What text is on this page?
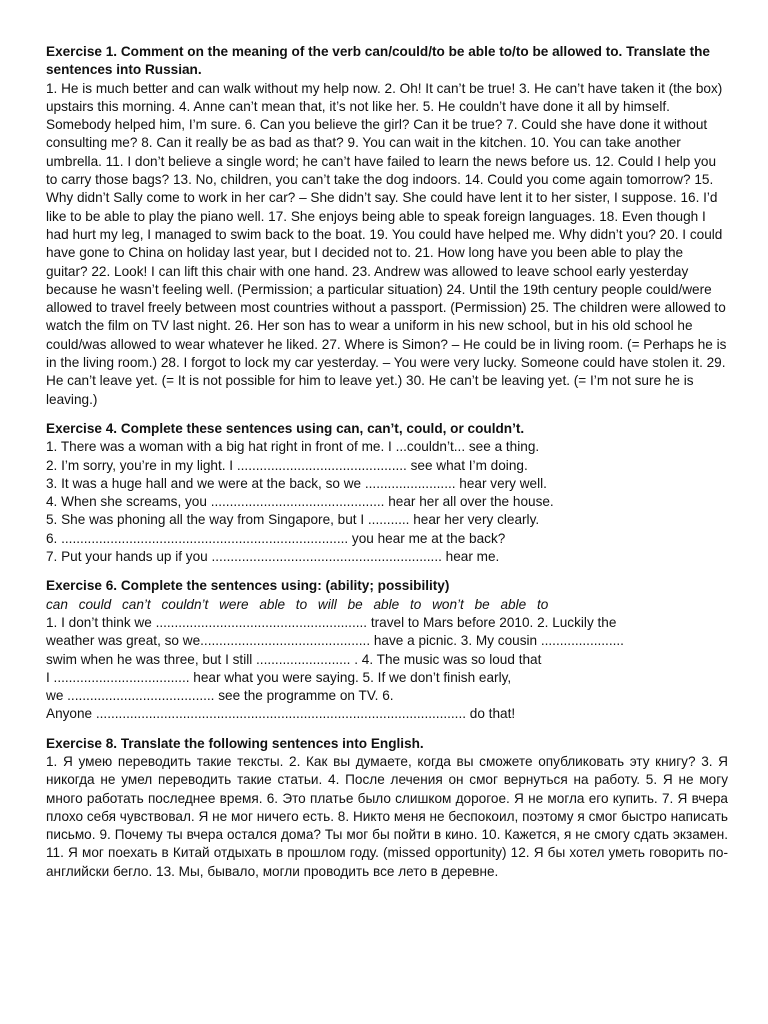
Exercise 1. Comment on the meaning of the verb can/could/to be able to/to be allowed to. Translate the sentences into Russian.
1. He is much better and can walk without my help now. 2. Oh! It can’t be true! 3. He can’t have taken it (the box) upstairs this morning. 4. Anne can’t mean that, it’s not like her. 5. He couldn’t have done it all by himself. Somebody helped him, I’m sure. 6. Can you believe the girl? Can it be true? 7. Could she have done it without consulting me? 8. Can it really be as bad as that? 9. You can wait in the kitchen. 10. You can take another umbrella. 11. I don’t believe a single word; he can’t have failed to learn the news before us. 12. Could I help you to carry those bags? 13. No, children, you can’t take the dog indoors. 14. Could you come again tomorrow? 15. Why didn’t Sally come to work in her car? – She didn’t say. She could have lent it to her sister, I suppose. 16. I’d like to be able to play the piano well. 17. She enjoys being able to speak foreign languages. 18. Even though I had hurt my leg, I managed to swim back to the boat. 19. You could have helped me. Why didn’t you? 20. I could have gone to China on holiday last year, but I decided not to. 21. How long have you been able to play the guitar? 22. Look! I can lift this chair with one hand. 23. Andrew was allowed to leave school early yesterday because he wasn’t feeling well. (Permission; a particular situation) 24. Until the 19th century people could/were allowed to travel freely between most countries without a passport. (Permission) 25. The children were allowed to watch the film on TV last night. 26. Her son has to wear a uniform in his new school, but in his old school he could/was allowed to wear whatever he liked. 27. Where is Simon? – He could be in living room. (= Perhaps he is in the living room.) 28. I forgot to lock my car yesterday. – You were very lucky. Someone could have stolen it. 29. He can’t leave yet. (= It is not possible for him to leave yet.) 30. He can’t be leaving yet. (= I’m not sure he is leaving.)
Exercise 4. Complete these sentences using can, can’t, could, or couldn’t.
1. There was a woman with a big hat right in front of me. I ...couldn’t... see a thing.
2. I’m sorry, you’re in my light. I ............................................. see what I’m doing.
3. It was a huge hall and we were at the back, so we ........................ hear very well.
4. When she screams, you .............................................. hear her all over the house.
5. She was phoning all the way from Singapore, but I ........... hear her very clearly.
6. ............................................................................ you hear me at the back?
7. Put your hands up if you ............................................................. hear me.
Exercise 6. Complete the sentences using: (ability; possibility)
can could can’t couldn’t were able to will be able to won’t be able to
1. I don’t think we ........................................................ travel to Mars before 2010. 2. Luckily the
weather was great, so we............................................. have a picnic. 3. My cousin ......................
swim when he was three, but I still ......................... . 4. The music was so loud that
I .................................... hear what you were saying. 5. If we don’t finish early,
we ....................................... see the programme on TV. 6.
Anyone .................................................................................................. do that!
Exercise 8. Translate the following sentences into English.
1. Я умею переводить такие тексты. 2. Как вы думаете, когда вы сможете опубликовать эту книгу? 3. Я никогда не умел переводить такие статьи. 4. После лечения он смог вернуться на работу. 5. Я не могу много работать последнее время. 6. Это платье было слишком дорогое. Я не могла его купить. 7. Я вчера плохо себя чувствовал. Я не мог ничего есть. 8. Никто меня не беспокоил, поэтому я смог быстро написать письмо. 9. Почему ты вчера остался дома? Ты мог бы пойти в кино. 10. Кажется, я не смогу сдать экзамен. 11. Я мог поехать в Китай отдыхать в прошлом году. (missed opportunity) 12. Я бы хотел уметь говорить по-английски бегло. 13. Мы, бывало, могли проводить все лето в деревне.
